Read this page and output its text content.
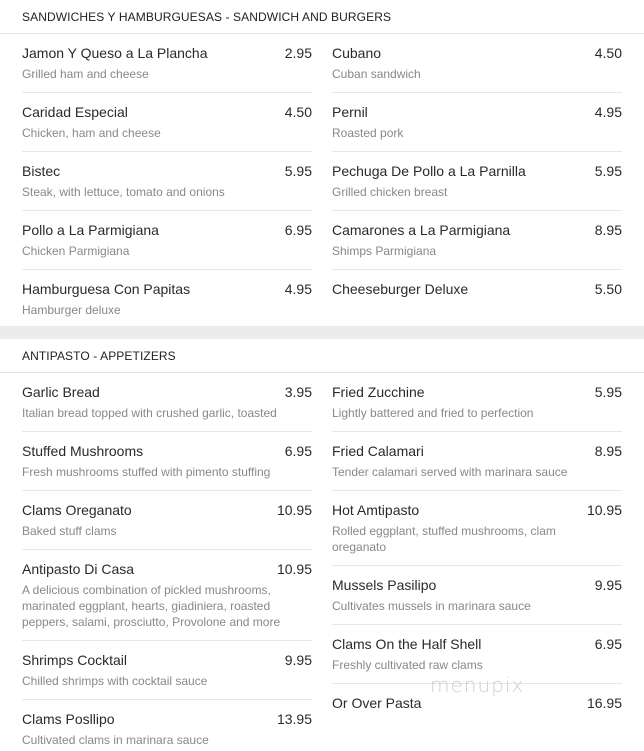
SANDWICHES Y HAMBURGUESAS - SANDWICH AND BURGERS
Jamon Y Queso a La Plancha	2.95
Grilled ham and cheese
Caridad Especial	4.50
Chicken, ham and cheese
Bistec	5.95
Steak, with lettuce, tomato and onions
Pollo a La Parmigiana	6.95
Chicken Parmigiana
Hamburguesa Con Papitas	4.95
Hamburger deluxe
Cubano	4.50
Cuban sandwich
Pernil	4.95
Roasted pork
Pechuga De Pollo a La Parnilla	5.95
Grilled chicken breast
Camarones a La Parmigiana	8.95
Shimps Parmigiana
Cheeseburger Deluxe	5.50
ANTIPASTO - APPETIZERS
Garlic Bread	3.95
Italian bread topped with crushed garlic, toasted
Stuffed Mushrooms	6.95
Fresh mushrooms stuffed with pimento stuffing
Clams Oreganato	10.95
Baked stuff clams
Antipasto Di Casa	10.95
A delicious combination of pickled mushrooms, marinated eggplant, hearts, giadiniera, roasted peppers, salami, prosciutto, Provolone and more
Shrimps Cocktail	9.95
Chilled shrimps with cocktail sauce
Clams Posllipo	13.95
Cultivated clams in marinara sauce
Fried Zucchine	5.95
Lightly battered and fried to perfection
Fried Calamari	8.95
Tender calamari served with marinara sauce
Hot Amtipasto	10.95
Rolled eggplant, stuffed mushrooms, clam oreganato
Mussels Pasilipo	9.95
Cultivates mussels in marinara sauce
Clams On the Half Shell	6.95
Freshly cultivated raw clams
Or Over Pasta	16.95
menupix
